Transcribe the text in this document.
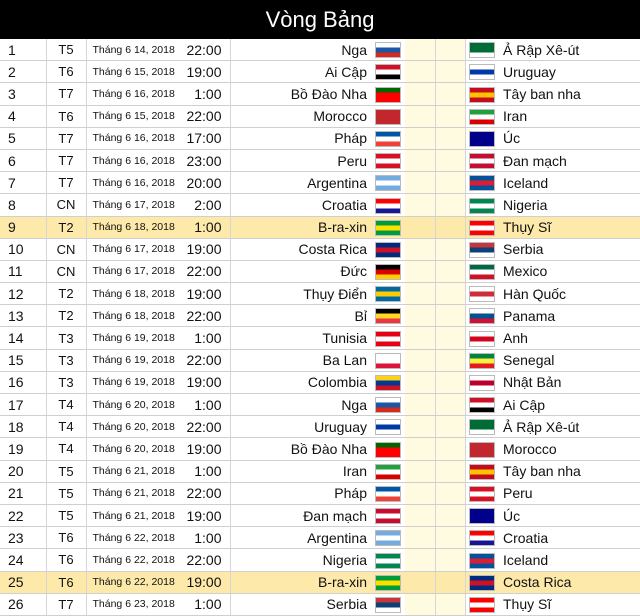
Vòng Bảng
1	T5	Tháng 6 14, 2018	22:00	Nga					Ả Rập Xê-út
2	T6	Tháng 6 15, 2018	19:00	Ai Cập					Uruguay
3	T7	Tháng 6 16, 2018	1:00	Bồ Đào Nha					Tây ban nha
4	T6	Tháng 6 15, 2018	22:00	Morocco					Iran
5	T7	Tháng 6 16, 2018	17:00	Pháp					Úc
6	T7	Tháng 6 16, 2018	23:00	Peru					Đan mạch
7	T7	Tháng 6 16, 2018	20:00	Argentina					Iceland
8	CN	Tháng 6 17, 2018	2:00	Croatia					Nigeria
9	T2	Tháng 6 18, 2018	1:00	B-ra-xin					Thụy Sĩ
10	CN	Tháng 6 17, 2018	19:00	Costa Rica					Serbia
11	CN	Tháng 6 17, 2018	22:00	Đức					Mexico
12	T2	Tháng 6 18, 2018	19:00	Thụy Điển					Hàn Quốc
13	T2	Tháng 6 18, 2018	22:00	Bỉ					Panama
14	T3	Tháng 6 19, 2018	1:00	Tunisia					Anh
15	T3	Tháng 6 19, 2018	22:00	Ba Lan					Senegal
16	T3	Tháng 6 19, 2018	19:00	Colombia					Nhật Bản
17	T4	Tháng 6 20, 2018	1:00	Nga					Ai Cập
18	T4	Tháng 6 20, 2018	22:00	Uruguay					Ả Rập Xê-út
19	T4	Tháng 6 20, 2018	19:00	Bồ Đào Nha					Morocco
20	T5	Tháng 6 21, 2018	1:00	Iran					Tây ban nha
21	T5	Tháng 6 21, 2018	22:00	Pháp					Peru
22	T5	Tháng 6 21, 2018	19:00	Đan mạch					Úc
23	T6	Tháng 6 22, 2018	1:00	Argentina					Croatia
24	T6	Tháng 6 22, 2018	22:00	Nigeria					Iceland
25	T6	Tháng 6 22, 2018	19:00	B-ra-xin					Costa Rica
26	T7	Tháng 6 23, 2018	1:00	Serbia					Thụy Sĩ
